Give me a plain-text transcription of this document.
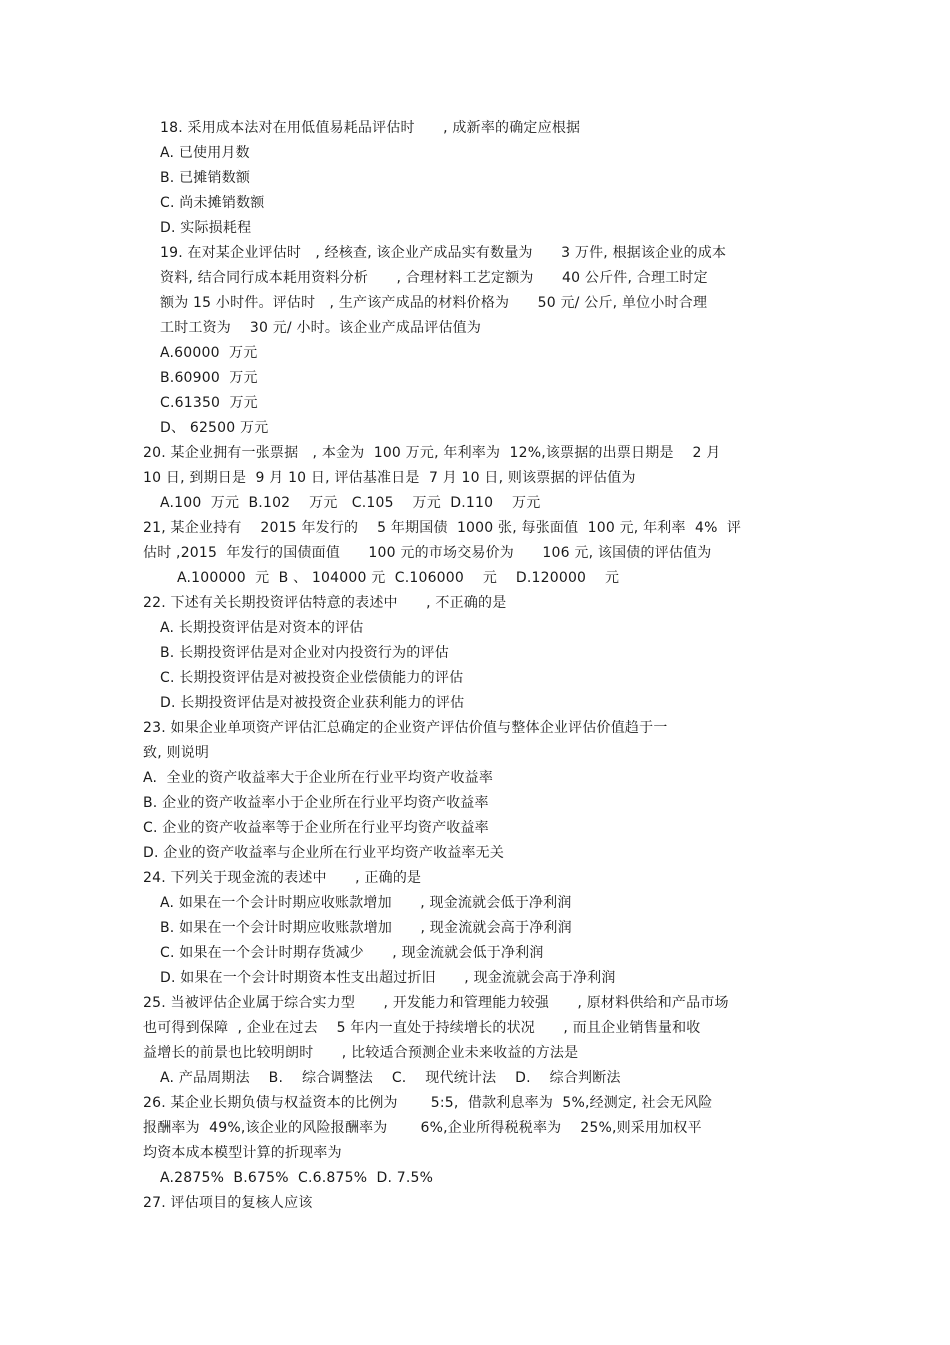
18. 采用成本法对在用低值易耗品评估时　　, 成新率的确定应根据
A. 已使用月数
B. 已摊销数额
C. 尚未摊销数额
D. 实际损耗程
19. 在对某企业评估时　, 经核查, 该企业产成品实有数量为　　3 万件, 根据该企业的成本
资料, 结合同行成本耗用资料分析　　, 合理材料工艺定额为　　40 公斤件, 合理工时定
额为 15 小时件。评估时　, 生产该产成品的材料价格为　　50 元/ 公斤, 单位小时合理
工时工资为　 30 元/ 小时。该企业产成品评估值为
A.60000  万元
B.60900  万元
C.61350  万元
D、 62500 万元
20. 某企业拥有一张票据　, 本金为  100 万元, 年利率为  12%,该票据的出票日期是　 2 月
10 日, 到期日是  9 月 10 日, 评估基准日是  7 月 10 日, 则该票据的评估值为
A.100  万元  B.102　 万元　C.105　 万元  D.110　 万元
21, 某企业持有　 2015 年发行的　 5 年期国债  1000 张, 每张面值  100 元, 年利率  4%  评
估时 ,2015  年发行的国债面值　　100 元的市场交易价为　　106 元, 该国债的评估值为
A.100000  元  B 、 104000 元  C.106000　 元　 D.120000　 元
22. 下述有关长期投资评估特意的表述中　　, 不正确的是
A. 长期投资评估是对资本的评估
B. 长期投资评估是对企业对内投资行为的评估
C. 长期投资评估是对被投资企业偿债能力的评估
D. 长期投资评估是对被投资企业获利能力的评估
23. 如果企业单项资产评估汇总确定的企业资产评估价值与整体企业评估价值趋于一
致, 则说明
A.  全业的资产收益率大于企业所在行业平均资产收益率
B. 企业的资产收益率小于企业所在行业平均资产收益率
C. 企业的资产收益率等于企业所在行业平均资产收益率
D. 企业的资产收益率与企业所在行业平均资产收益率无关
24. 下列关于现金流的表述中　　, 正确的是
A. 如果在一个会计时期应收账款增加　　, 现金流就会低于净利润
B. 如果在一个会计时期应收账款增加　　, 现金流就会高于净利润
C. 如果在一个会计时期存货减少　　, 现金流就会低于净利润
D. 如果在一个会计时期资本性支出超过折旧　　, 现金流就会高于净利润
25. 当被评估企业属于综合实力型　　, 开发能力和管理能力较强　　, 原材料供给和产品市场
也可得到保障  , 企业在过去　 5 年内一直处于持续增长的状况　　, 而且企业销售量和收
益增长的前景也比较明朗时　　, 比较适合预测企业未来收益的方法是
A. 产品周期法　 B.　 综合调整法　 C.　 现代统计法　 D.　 综合判断法
26. 某企业长期负债与权益资本的比例为　　 5:5,  借款利息率为  5%,经测定, 社会无风险
报酬率为  49%,该企业的风险报酬率为　　 6%,企业所得税税率为　 25%,则采用加权平
均资本成本模型计算的折现率为
A.2875%  B.675%  C.6.875%  D. 7.5%
27. 评估项目的复核人应该
